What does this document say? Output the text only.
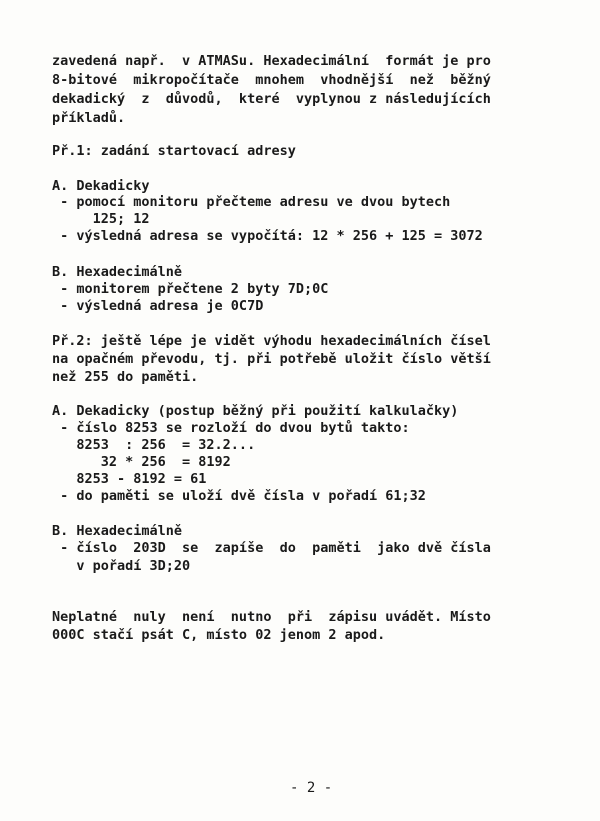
zavedená např.  v ATMASu. Hexadecimální  formát je pro
8-bitové  mikropočítače  mnohem  vhodnější  než  běžný
dekadický  z  důvodů,  které  vyplynou z následujících
příkladů.
Př.1: zadání startovací adresy
A. Dekadicky
- pomocí monitoru přečteme adresu ve dvou bytech
125; 12
- výsledná adresa se vypočítá: 12 * 256 + 125 = 3072
B. Hexadecimálně
- monitorem přečtene 2 byty 7D;0C
- výsledná adresa je 0C7D
Př.2: ještě lépe je vidět výhodu hexadecimálních čísel
na opačném převodu, tj. při potřebě uložit číslo větší
než 255 do paměti.
A. Dekadicky (postup běžný při použití kalkulačky)
- číslo 8253 se rozloží do dvou bytů takto:
8253  : 256  = 32.2...
32 * 256  = 8192
8253 - 8192 = 61
- do paměti se uloží dvě čísla v pořadí 61;32
B. Hexadecimálně
- číslo  203D  se  zapíše  do  paměti  jako dvě čísla
v pořadí 3D;20
Neplatné  nuly  není  nutno  při  zápisu uvádět. Místo
000C stačí psát C, místo 02 jenom 2 apod.
- 2 -
